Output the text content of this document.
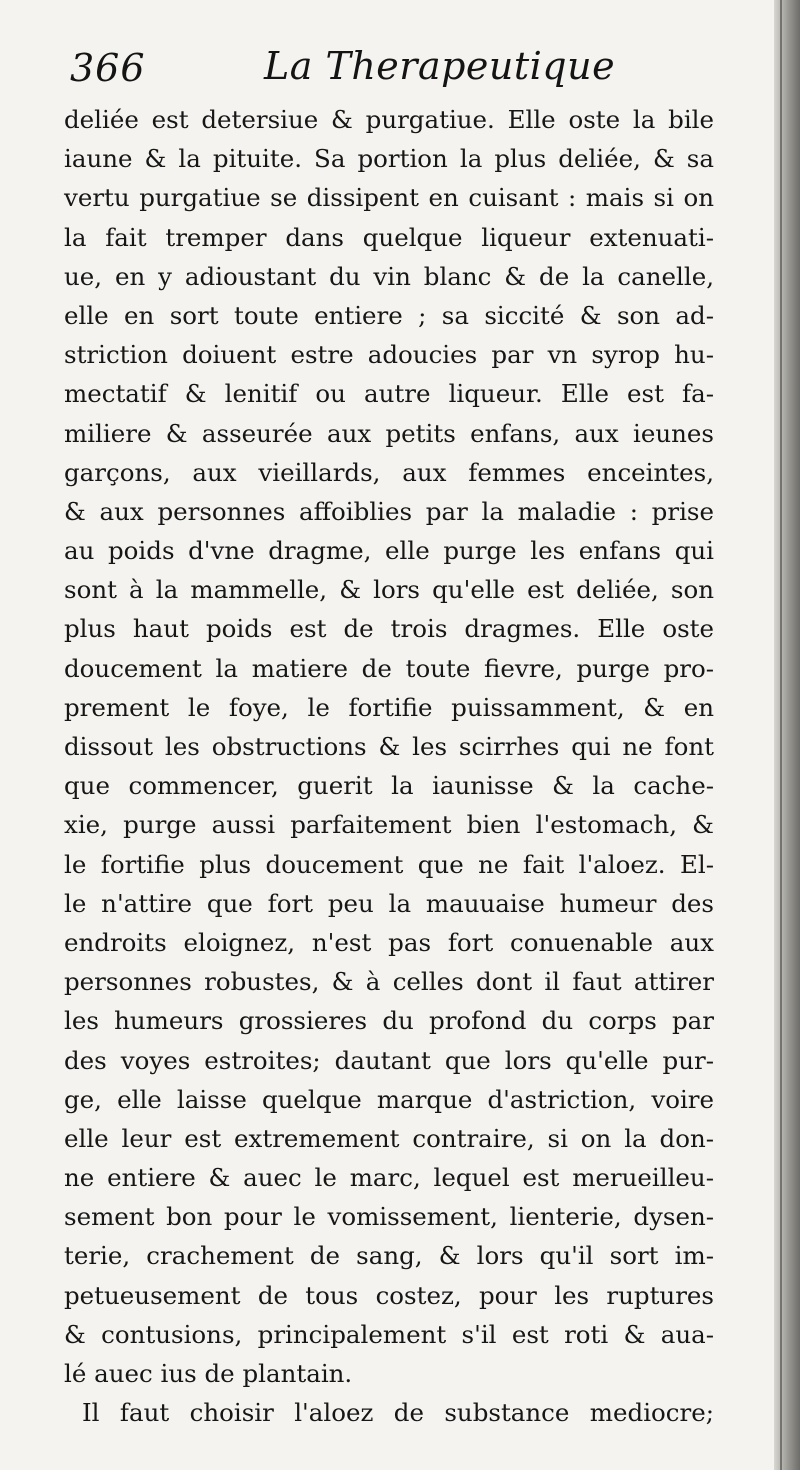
366	La Therapeutique
deliée est detersiue & purgatiue. Elle oste la bile
iaune & la pituite. Sa portion la plus deliée, & sa
vertu purgatiue se dissipent en cuisant : mais si on
la fait tremper dans quelque liqueur extenuati-
ue, en y adioustant du vin blanc & de la canelle,
elle en sort toute entiere ; sa siccité & son ad-
striction doiuent estre adoucies par vn syrop hu-
mectatif & lenitif ou autre liqueur. Elle est fa-
miliere & asseurée aux petits enfans, aux ieunes
garçons, aux vieillards, aux femmes enceintes,
& aux personnes affoiblies par la maladie : prise
au poids d'vne dragme, elle purge les enfans qui
sont à la mammelle, & lors qu'elle est deliée, son
plus haut poids est de trois dragmes. Elle oste
doucement la matiere de toute fievre, purge pro-
prement le foye, le fortifie puissamment, & en
dissout les obstructions & les scirrhes qui ne font
que commencer, guerit la iaunisse & la cache-
xie, purge aussi parfaitement bien l'estomach, &
le fortifie plus doucement que ne fait l'aloez. El-
le n'attire que fort peu la mauuaise humeur des
endroits eloignez, n'est pas fort conuenable aux
personnes robustes, & à celles dont il faut attirer
les humeurs grossieres du profond du corps par
des voyes estroites; dautant que lors qu'elle pur-
ge, elle laisse quelque marque d'astriction, voire
elle leur est extremement contraire, si on la don-
ne entiere & auec le marc, lequel est merueilleu-
sement bon pour le vomissement, lienterie, dysen-
terie, crachement de sang, & lors qu'il sort im-
petueusement de tous costez, pour les ruptures
& contusions, principalement s'il est roti & aua-
lé auec ius de plantain.
Il faut choisir l'aloez de substance mediocre;
